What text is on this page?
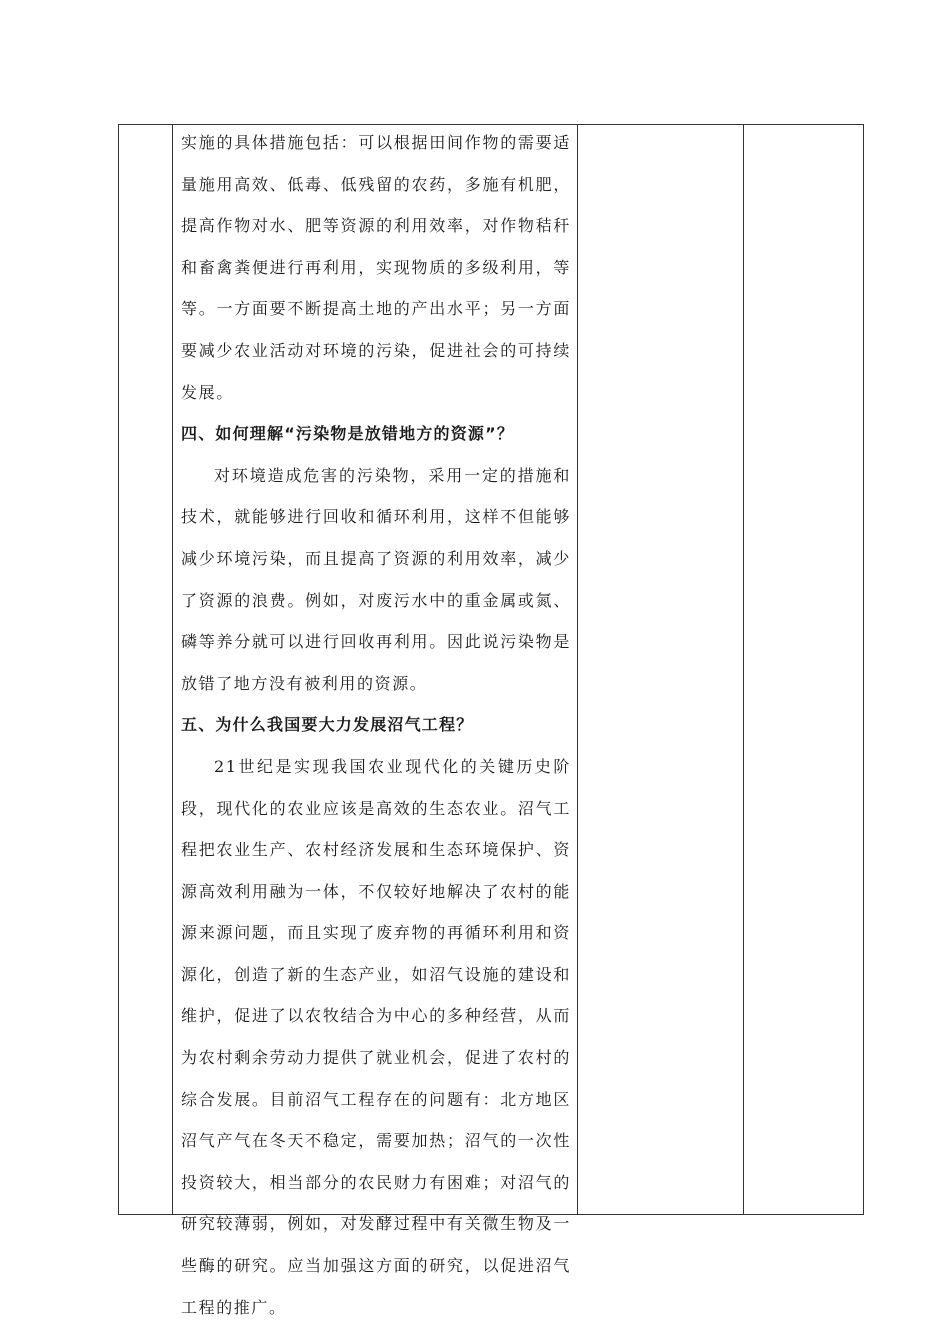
实施的具体措施包括：可以根据田间作物的需要适量施用高效、低毒、低残留的农药，多施有机肥，提高作物对水、肥等资源的利用效率，对作物秸秆和畜禽粪便进行再利用，实现物质的多级利用，等等。一方面要不断提高土地的产出水平；另一方面要减少农业活动对环境的污染，促进社会的可持续发展。

四、如何理解“污染物是放错地方的资源”？

对环境造成危害的污染物，采用一定的措施和技术，就能够进行回收和循环利用，这样不但能够减少环境污染，而且提高了资源的利用效率，减少了资源的浪费。例如，对废污水中的重金属或氮、磷等养分就可以进行回收再利用。因此说污染物是放错了地方没有被利用的资源。

五、为什么我国要大力发展沼气工程？

21世纪是实现我国农业现代化的关键历史阶段，现代化的农业应该是高效的生态农业。沼气工程把农业生产、农村经济发展和生态环境保护、资源高效利用融为一体，不仅较好地解决了农村的能源来源问题，而且实现了废弃物的再循环利用和资源化，创造了新的生态产业，如沼气设施的建设和维护，促进了以农牧结合为中心的多种经营，从而为农村剩余劳动力提供了就业机会，促进了农村的综合发展。目前沼气工程存在的问题有：北方地区沼气产气在冬天不稳定，需要加热；沼气的一次性投资较大，相当部分的农民财力有困难；对沼气的研究较薄弱，例如，对发酵过程中有关微生物及一些酶的研究。应当加强这方面的研究，以促进沼气工程的推广。
